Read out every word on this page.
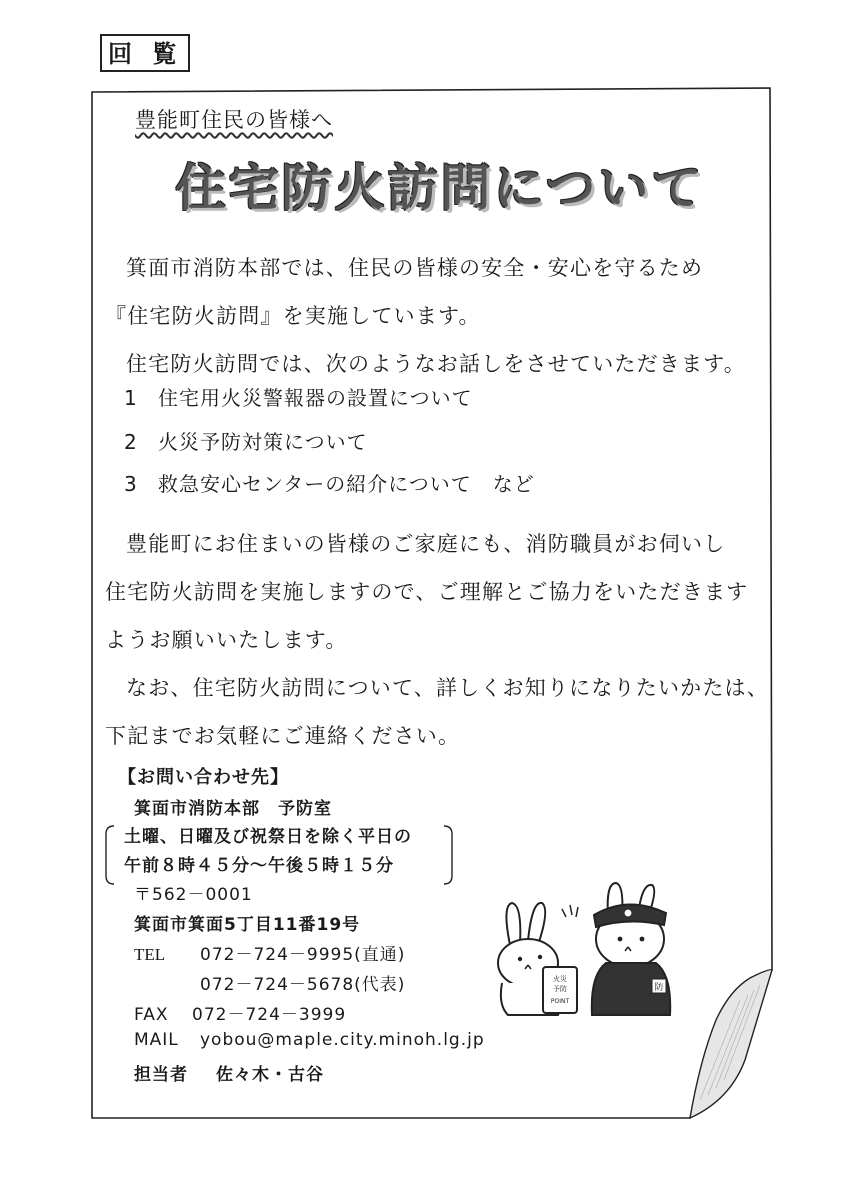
回 覧
豊能町住民の皆様へ
住宅防火訪問について
箕面市消防本部では、住民の皆様の安全・安心を守るため
『住宅防火訪問』を実施しています。
住宅防火訪問では、次のようなお話しをさせていただきます。
1 住宅用火災警報器の設置について
2 火災予防対策について
3 救急安心センターの紹介について　など
豊能町にお住まいの皆様のご家庭にも、消防職員がお伺いし
住宅防火訪問を実施しますので、ご理解とご協力をいただきます
ようお願いいたします。
なお、住宅防火訪問について、詳しくお知りになりたいかたは、
下記までお気軽にご連絡ください。
【お問い合わせ先】
箕面市消防本部　予防室
土曜、日曜及び祝祭日を除く平日の
午前８時４５分～午後５時１５分
〒562－0001
箕面市箕面5丁目11番19号
TEL 072－724－9995(直通)
072－724－5678(代表)
FAX 072－724－3999
MAIL yobou@maple.city.minoh.lg.jp
担当者 佐々木・古谷
火災
予防
POINT
防
